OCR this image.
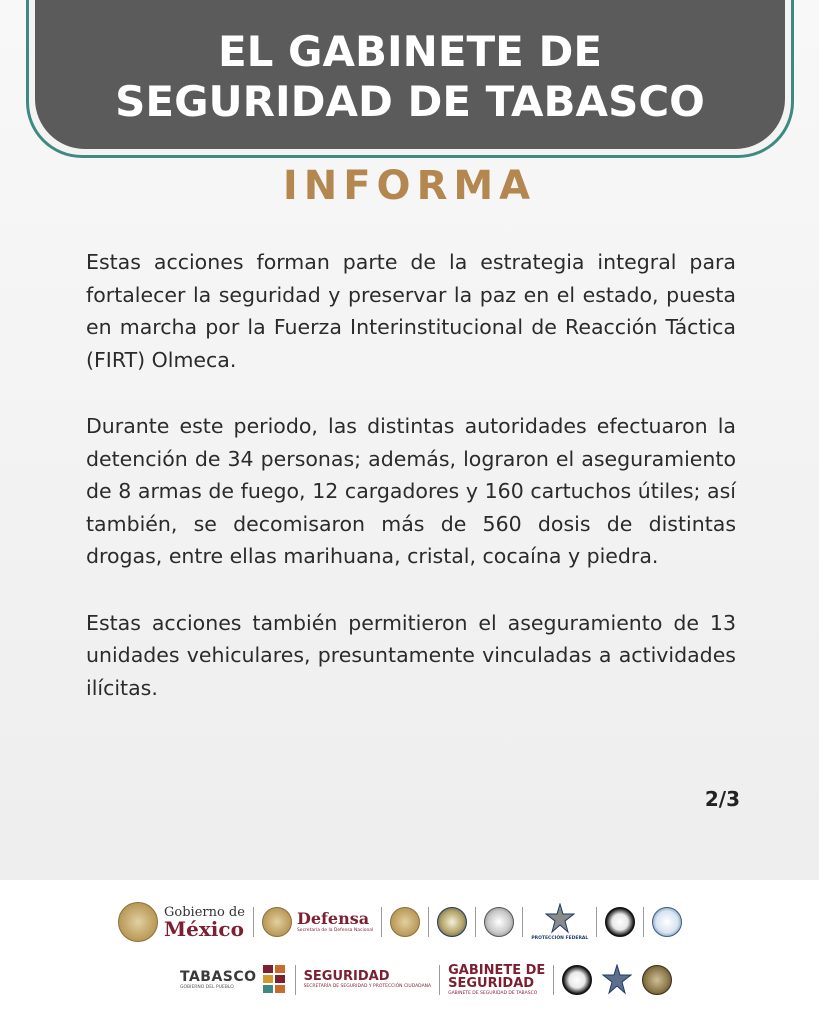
EL GABINETE DE
SEGURIDAD DE TABASCO
INFORMA

Estas acciones forman parte de la estrategia integral para fortalecer la seguridad y preservar la paz en el estado, puesta en marcha por la Fuerza Interinstitucional de Reacción Táctica (FIRT) Olmeca.

Durante este periodo, las distintas autoridades efectuaron la detención de 34 personas; además, lograron el aseguramiento de 8 armas de fuego, 12 cargadores y 160 cartuchos útiles; así también, se decomisaron más de 560 dosis de distintas drogas, entre ellas marihuana, cristal, cocaína y piedra.

Estas acciones también permitieron el aseguramiento de 13 unidades vehiculares, presuntamente vinculadas a actividades ilícitas.

2/3
Gobierno de
México	Defensa
Secretaría de la Defensa Nacional
PROTECCIÓN FEDERAL
TABASCO
GOBIERNO DEL PUEBLO
SEGURIDAD
SECRETARÍA DE SEGURIDAD Y PROTECCIÓN CIUDADANA
GABINETE DE
SEGURIDAD
GABINETE DE SEGURIDAD DE TABASCO
